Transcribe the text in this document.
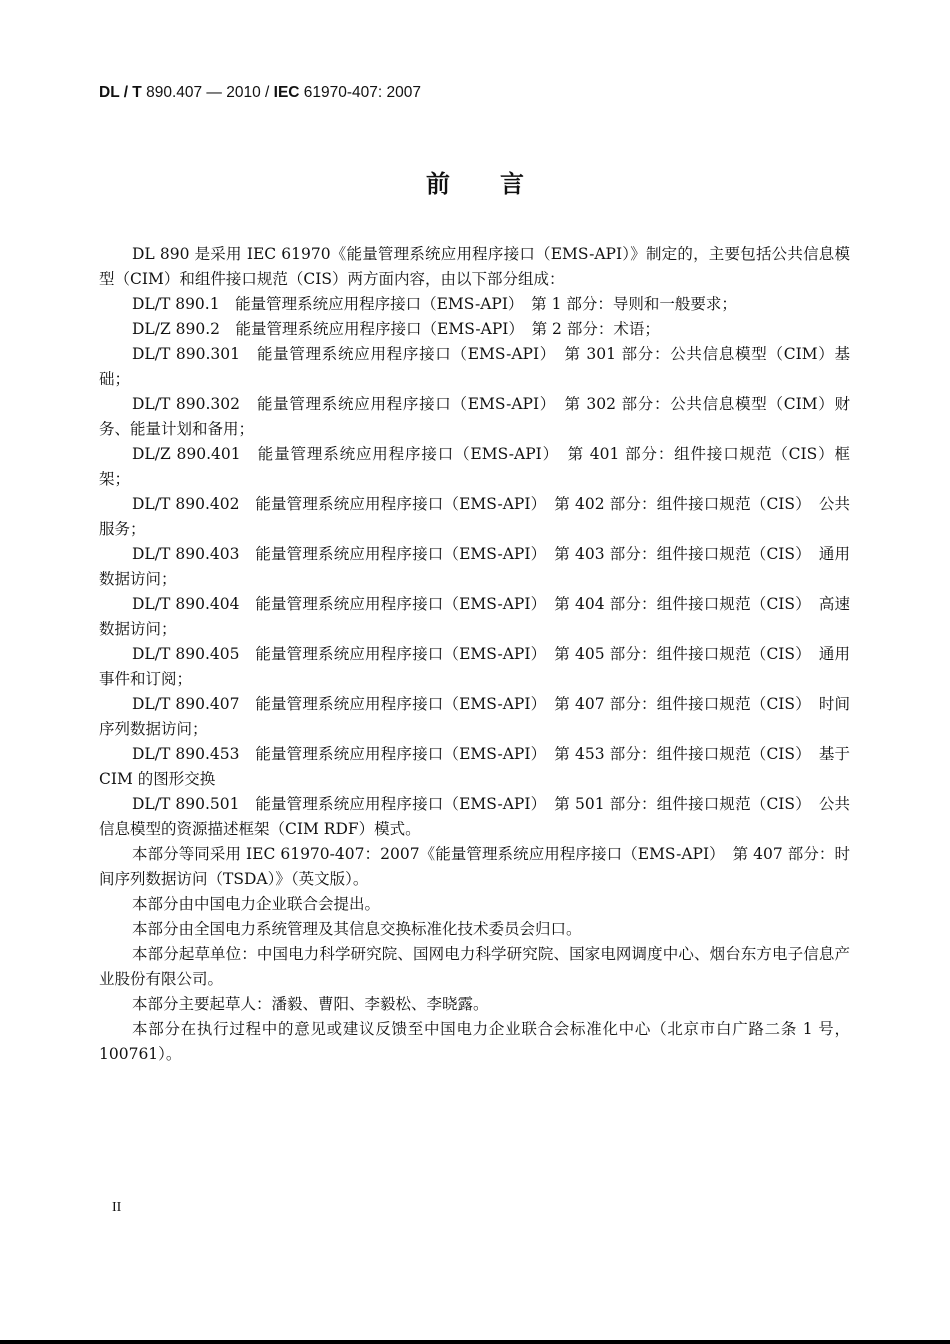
DL / T 890.407 — 2010 / IEC 61970-407: 2007
前言

DL 890 是采用 IEC 61970《能量管理系统应用程序接口（EMS-API）》制定的，主要包括公共信息模型（CIM）和组件接口规范（CIS）两方面内容，由以下部分组成：

DL/T 890.1　能量管理系统应用程序接口（EMS-API）　第 1 部分：导则和一般要求；

DL/Z 890.2　能量管理系统应用程序接口（EMS-API）　第 2 部分：术语；

DL/T 890.301　能量管理系统应用程序接口（EMS-API）　第 301 部分：公共信息模型（CIM）基础；

DL/T 890.302　能量管理系统应用程序接口（EMS-API）　第 302 部分：公共信息模型（CIM）财务、能量计划和备用；

DL/Z 890.401　能量管理系统应用程序接口（EMS-API）　第 401 部分：组件接口规范（CIS）框架；

DL/T 890.402　能量管理系统应用程序接口（EMS-API）　第 402 部分：组件接口规范（CIS）　公共服务；

DL/T 890.403　能量管理系统应用程序接口（EMS-API）　第 403 部分：组件接口规范（CIS）　通用数据访问；

DL/T 890.404　能量管理系统应用程序接口（EMS-API）　第 404 部分：组件接口规范（CIS）　高速数据访问；

DL/T 890.405　能量管理系统应用程序接口（EMS-API）　第 405 部分：组件接口规范（CIS）　通用事件和订阅；

DL/T 890.407　能量管理系统应用程序接口（EMS-API）　第 407 部分：组件接口规范（CIS）　时间序列数据访问；

DL/T 890.453　能量管理系统应用程序接口（EMS-API）　第 453 部分：组件接口规范（CIS）　基于 CIM 的图形交换

DL/T 890.501　能量管理系统应用程序接口（EMS-API）　第 501 部分：组件接口规范（CIS）　公共信息模型的资源描述框架（CIM RDF）模式。

本部分等同采用 IEC 61970-407：2007《能量管理系统应用程序接口（EMS-API）　第 407 部分：时间序列数据访问（TSDA）》（英文版）。

本部分由中国电力企业联合会提出。

本部分由全国电力系统管理及其信息交换标准化技术委员会归口。

本部分起草单位：中国电力科学研究院、国网电力科学研究院、国家电网调度中心、烟台东方电子信息产业股份有限公司。

本部分主要起草人：潘毅、曹阳、李毅松、李晓露。

本部分在执行过程中的意见或建议反馈至中国电力企业联合会标准化中心（北京市白广路二条 1 号，100761）。

II
